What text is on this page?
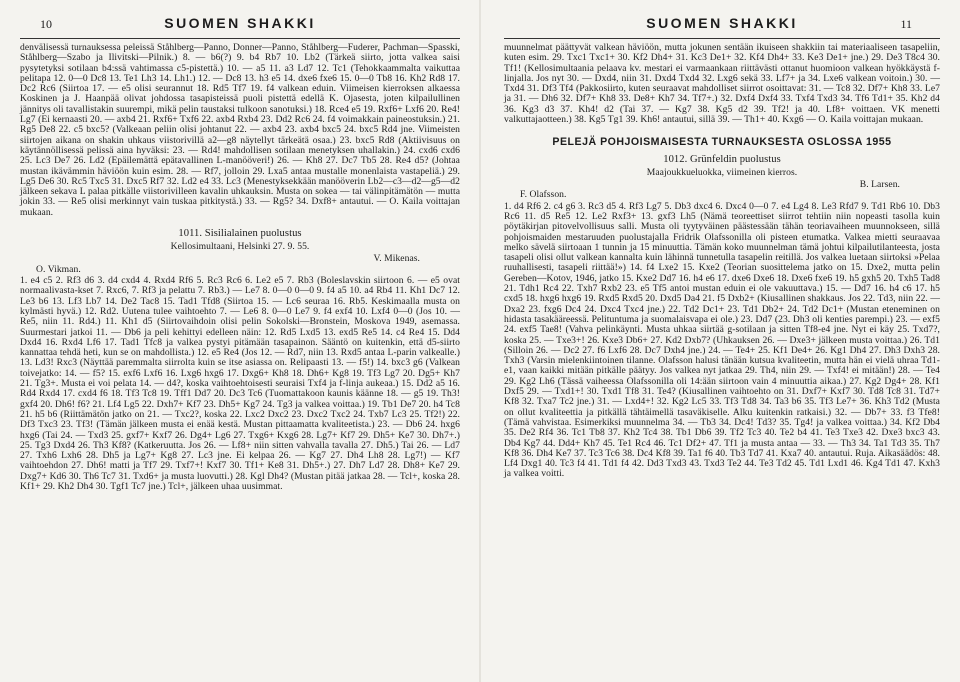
10	SUOMEN SHAKKI

denvälisessä turnauksessa peleissä Ståhlberg—Panno, Donner—Panno, Ståhlberg—Fuderer, Pachman—Spasski, Ståhlberg—Szabo ja Ilivitski—Pilnik.) 8. — b6(?) 9. b4 Rb7 10. Lb2 (Tärkeä siirto, jotta valkea saisi pysytetyksi sotilaan b4:ssä vahtimassa c5-pistettä.) 10. — a5 11. a3 Ld7 12. Tc1 (Tehokkaammalta vaikuttaa pelitapa 12. 0—0 Dc8 13. Te1 Lh3 14. Lh1.) 12. — Dc8 13. h3 e5 14. dxe6 fxe6 15. 0—0 Tb8 16. Kh2 Rd8 17. Dc2 Rc6 (Siirtoa 17. — e5 olisi seurannut 18. Rd5 Tf7 19. f4 valkean eduin. Viimeisen kierroksen alkaessa Koskinen ja J. Haanpää olivat johdossa tasapisteissä puoli pistettä edellä K. Ojasesta, joten kilpailullinen jännitys oli tavallistakin suurempi, mikä pelin taustaksi tulkoon sanotuksi.) 18. Rce4 e5 19. Rxf6+ Lxf6 20. Re4! Lg7 (Ei kernaasti 20. — axb4 21. Rxf6+ Txf6 22. axb4 Rxb4 23. Dd2 Rc6 24. f4 voimakkain paineostuksin.) 21. Rg5 De8 22. c5 bxc5? (Valkeaan peliin olisi johtanut 22. — axb4 23. axb4 bxc5 24. bxc5 Rd4 jne. Viimeisten siirtojen aikana on shakin uhkaus viistorivillä a2—g8 näytellyt tärkeätä osaa.) 23. bxc5 Rd8 (Aktiivisuus on käytännöllisessä pelissä aina hyväksi: 23. — Rd4! mahdollisen sotilaan menetyksen uhallakin.) 24. cxd6 cxd6 25. Lc3 De7 26. Ld2 (Epäilemättä epätavallinen L-manööveri!) 26. — Kh8 27. Dc7 Tb5 28. Re4 d5? (Johtaa mustan ikävämmin häviöön kuin esim. 28. — Rf7, jolloin 29. Lxa5 antaa mustalle monenlaista vastapeliä.) 29. Lg5 De6 30. Rc5 Txc5 31. Dxc5 Rf7 32. Ld2 e4 33. Lc3 (Menestyksekkään manööverin Lb2—c3—d2—g5—d2 jälkeen sekava L palaa pitkälle viistorivilleen kavalin uhkauksin. Musta on sokea — tai välinpitämätön — mutta jokin 33. — Re5 olisi merkinnyt vain tuskaa pitkitystä.) 33. — Rg5? 34. Dxf8+ antautui. — O. Kaila voittajan mukaan.

1011. Sisilialainen puolustus
Kellosimultaani, Helsinki 27. 9. 55.
O. Vikman.
V. Mikenas.

1. e4 c5 2. Rf3 d6 3. d4 cxd4 4. Rxd4 Rf6 5. Rc3 Rc6 6. Le2 e5 7. Rb3 (Boleslavskin siirtoon 6. — e5 ovat normaalivasta-kset 7. Rxc6, 7. Rf3 ja pelattu 7. Rb3.) — Le7 8. 0—0 0—0 9. f4 a5 10. a4 Rb4 11. Kh1 Dc7 12. Le3 b6 13. Lf3 Lb7 14. De2 Tac8 15. Tad1 Tfd8 (Siirtoa 15. — Lc6 seuraa 16. Rb5. Keskimaalla musta on kylmästi hyvä.) 12. Rd2. Uutena tulee vaihtoehto 7. — Le6 8. 0—0 Le7 9. f4 exf4 10. Lxf4 0—0 (Jos 10. — Re5, niin 11. Rd4.) 11. Kh1 d5 (Siirtovaihdoin olisi pelin Sokolski—Bronstein, Moskova 1949, asemassa. Suurmestari jatkoi 11. — Db6 ja peli kehittyi edelleen näin: 12. Rd5 Lxd5 13. exd5 Re5 14. c4 Re4 15. Dd4 Dxd4 16. Rxd4 Lf6 17. Tad1 Tfc8 ja valkea pystyi pitämään tasapainon. Sääntö on kuitenkin, että d5-siirto kannattaa tehdä heti, kun se on mahdollista.) 12. e5 Re4 (Jos 12. — Rd7, niin 13. Rxd5 antaa L-parin valkealle.) 13. Ld3! Rxc3 (Näyttää paremmalta siirrolta kuin se itse asiassa on. Relipaasti 13. — f5!) 14. bxc3 g6 (Valkean toivejatko: 14. — f5? 15. exf6 Lxf6 16. Lxg6 hxg6 17. Dxg6+ Kh8 18. Dh6+ Kg8 19. Tf3 Lg7 20. Dg5+ Kh7 21. Tg3+. Musta ei voi pelata 14. — d4?, koska vaihtoehtoisesti seuraisi Txf4 ja f-linja aukeaa.) 15. Dd2 a5 16. Rd4 Rxd4 17. cxd4 f6 18. Tf3 Tc8 19. Tff1 Dd7 20. Dc3 Tc6 (Tuomattakoon kaunis käänne 18. — g5 19. Th3! gxf4 20. Dh6! f6? 21. Lf4 Lg5 22. Dxh7+ Kf7 23. Dh5+ Kg7 24. Tg3 ja valkea voittaa.) 19. Tb1 De7 20. h4 Tc8 21. h5 b6 (Riittämätön jatko on 21. — Txc2?, koska 22. Lxc2 Dxc2 23. Dxc2 Txc2 24. Txb7 Lc3 25. Tf2!) 22. Df3 Txc3 23. Tf3! (Tämän jälkeen musta ei enää kestä. Mustan pittaamatta kvaliteetista.) 23. — Db6 24. hxg6 hxg6 (Tai 24. — Txd3 25. gxf7+ Kxf7 26. Dg4+ Lg6 27. Txg6+ Kxg6 28. Lg7+ Kf7 29. Dh5+ Ke7 30. Dh7+.) 25. Tg3 Dxd4 26. Th3 Kf8? (Katkeruutta. Jos 26. — Lf8+ niin sitten vahvalla tavalla 27. Dh5.) Tai 26. — Ld7 27. Txh6 Lxh6 28. Dh5 ja Lg7+ Kg8 27. Lc3 jne. Ei kelpaa 26. — Kg7 27. Dh4 Lh8 28. Lg7!) — Kf7 vaihtoehdon 27. Dh6! matti ja Tf7 29. Txf7+! Kxf7 30. Tf1+ Ke8 31. Dh5+.) 27. Dh7 Ld7 28. Dh8+ Ke7 29. Dxg7+ Kd6 30. Th6 Tc7 31. Txd6+ ja musta luovutti.) 28. Kgl Dh4? (Mustan pitää jatkaa 28. — Tcl+, koska 28. Kf1+ 29. Kh2 Dh4 30. Tgf1 Tc7 jne.) Tcl+, jälkeen uhaa uusimmat.

SUOMEN SHAKKI	11

muunnelmat päättyvät valkean häviöön, mutta jokunen sentään ikuiseen shakkiin tai materiaaliseen tasapeliin, kuten esim. 29. Txc1 Txc1+ 30. Kf2 Dh4+ 31. Kc3 De1+ 32. Kf4 Dh4+ 33. Ke3 De1+ jne.) 29. De3 T8c4 30. Tf1! (Kellosimultaania pelaava kv. mestari ei varmaankaan riittävästi ottanut huomioon valkean hyökkäystä f-linjalla. Jos nyt 30. — Dxd4, niin 31. Dxd4 Txd4 32. Lxg6 sekä 33. Lf7+ ja 34. Lxe6 valkean voitoin.) 30. — Txd4 31. Df3 Tf4 (Pakkosiirto, kuten seuraavat mahdolliset siirrot osoittavat: 31. — Tc8 32. Df7+ Kh8 33. Le7 ja 31. — Dh6 32. Df7+ Kh8 33. De8+ Kh7 34. Tf7+.) 32. Dxf4 Dxf4 33. Txf4 Txd3 34. Tf6 Td1+ 35. Kh2 d4 36. Kg3 d3 37. Kh4! d2 (Tai 37. — Kg7 38. Kg5 d2 39. Tf2! ja 40. Lf8+ voittaen. VK menetti valkuttajaotteen.) 38. Kg5 Tg1 39. Kh6! antautui, sillä 39. — Th1+ 40. Kxg6 — O. Kaila voittajan mukaan.

PELEJÄ POHJOISMAISESTA TURNAUKSESTA OSLOSSA 1955
1012. Grünfeldin puolustus
Maajoukkueluokka, viimeinen kierros.
F. Olafsson.
B. Larsen.

1. d4 Rf6 2. c4 g6 3. Rc3 d5 4. Rf3 Lg7 5. Db3 dxc4 6. Dxc4 0—0 7. e4 Lg4 8. Le3 Rfd7 9. Td1 Rb6 10. Db3 Rc6 11. d5 Re5 12. Le2 Rxf3+ 13. gxf3 Lh5 (Nämä teoreettiset siirrot tehtiin niin nopeasti tasolla kuin pöytäkirjan pitovelvollisuus salli. Musta oli tyytyväinen päästessään tähän teoriavaiheen muunnokseen, sillä pohjoismaiden mestaruuden puolustajalla Fridrik Olafssonilla oli pisteen etumatka. Valkea mietti seuraavaa melko sävelä siirtoaan 1 tunnin ja 15 minuuttia. Tämän koko muunnelman tämä johtui kilpailutilanteesta, josta tasapeli olisi ollut valkean kannalta kuin lähinnä tunnetulla tasapelin reitillä. Jos valkea luetaan siirtoksi »Pelaa ruuhallisesti, tasapeli riittää!») 14. f4 Lxe2 15. Kxe2 (Teorian suosittelema jatko on 15. Dxe2, mutta pelin Gereben—Kotov, 1946, jatko 15. Kxe2 Dd7 16. h4 e6 17. dxe6 Dxe6 18. Dxe6 fxe6 19. h5 gxh5 20. Txh5 Tad8 21. Tdh1 Rc4 22. Txh7 Rxb2 23. e5 Tf5 antoi mustan eduin ei ole vakuuttava.) 15. — Dd7 16. h4 c6 17. h5 cxd5 18. hxg6 hxg6 19. Rxd5 Rxd5 20. Dxd5 Da4 21. f5 Dxb2+ (Kiusallinen shakkaus. Jos 22. Td3, niin 22. — Dxa2 23. fxg6 Dc4 24. Dxc4 Txc4 jne.) 22. Td2 Dc1+ 23. Td1 Db2+ 24. Td2 Dc1+ (Mustan eteneminen on hidasta tasakääreessä. Pelituntuma ja suomalaisvapa ei ole.) 23. Dd7 (23. Dh3 oli kenties parempi.) 23. — exf5 24. exf5 Tae8! (Vahva pelinkäynti. Musta uhkaa siirtää g-sotilaan ja sitten Tf8-e4 jne. Nyt ei käy 25. Txd7?, koska 25. — Txe3+! 26. Kxe3 Db6+ 27. Kd2 Dxb7? (Uhkauksen 26. — Dxe3+ jälkeen musta voittaa.) 26. Td1 (Silloin 26. — Dc2 27. f6 Lxf6 28. Dc7 Dxh4 jne.) 24. — Te4+ 25. Kf1 De4+ 26. Kg1 Dh4 27. Dh3 Dxh3 28. Txh3 (Varsin mielenkiintoinen tilanne. Olafsson halusi tänään kutsua kvaliteetin, mutta hän ei vielä uhraa Td1-e1, vaan kaikki mitään pitkälle päätyy. Jos valkea nyt jatkaa 29. Th4, niin 29. — Txf4! ei mitään!) 28. — Te4 29. Kg2 Lh6 (Tässä vaiheessa Olafssonilla oli 14:ään siirtoon vain 4 minuuttia aikaa.) 27. Kg2 Dg4+ 28. Kf1 Dxf5 29. — Txd1+! 30. Txd1 Tf8 31. Te4? (Kiusallinen vaihtoehto on 31. Dxf7+ Kxf7 30. Td8 Tc8 31. Td7+ Kf8 32. Txa7 Tc2 jne.) 31. — Lxd4+! 32. Kg2 Lc5 33. Tf3 Td8 34. Ta3 b6 35. Tf3 Le7+ 36. Kh3 Td2 (Musta on ollut kvaliteettia ja pitkällä tähtäimellä tasaväkiselle. Alku kuitenkin ratkaisi.) 32. — Db7+ 33. f3 Tfe8! (Tämä vahvistaa. Esimerkiksi muunnelma 34. — Tb3 34. Dc4! Td3? 35. Tg4! ja valkea voittaa.) 34. Kf2 Db4 35. De2 Rf4 36. Tc1 Tb8 37. Kh2 Tc4 38. Tb1 Db6 39. Tf2 Tc3 40. Te2 b4 41. Te3 Txe3 42. Dxe3 bxc3 43. Db4 Kg7 44. Dd4+ Kh7 45. Te1 Rc4 46. Tc1 Df2+ 47. Tf1 ja musta antaa — 33. — Th3 34. Ta1 Td3 35. Th7 Kf8 36. Dh4 Ke7 37. Tc3 Tc6 38. Dc4 Kf8 39. Ta1 f6 40. Tb3 Td7 41. Kxa7 40. antautui. Ruja. Aikasäädös: 48. Lf4 Dxg1 40. Tc3 f4 41. Td1 f4 42. Dd3 Txd3 43. Txd3 Te2 44. Te3 Td2 45. Td1 Lxd1 46. Kg4 Td1 47. Kxh3 ja valkea voitti.
